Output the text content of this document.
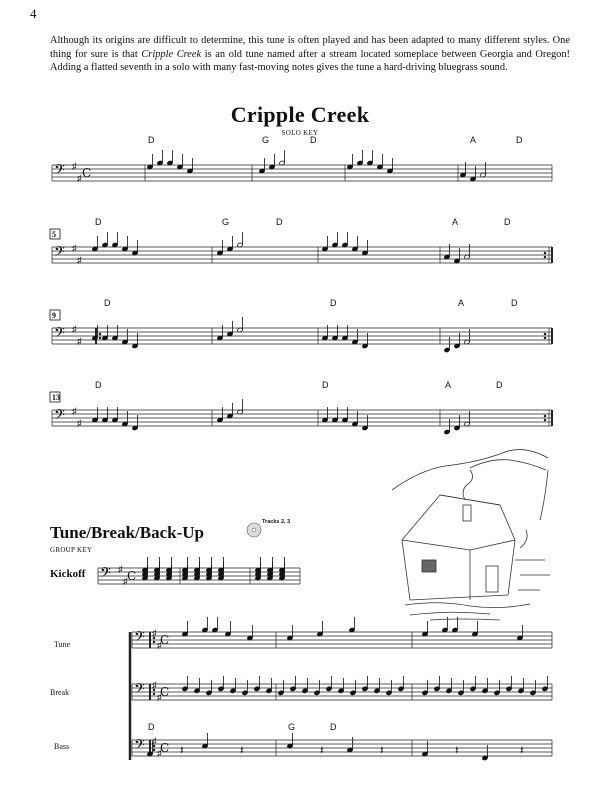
4
Although its origins are difficult to determine, this tune is often played and has been adapted to many different styles. One thing for sure is that Cripple Creek is an old tune named after a stream located someplace between Georgia and Oregon! Adding a flatted seventh in a solo with many fast-moving notes gives the tune a hard-driving bluegrass sound.
Cripple Creek
SOLO KEY
𝄢 ♯
♯ C
D	G	D	A	D
𝄢 ♯
♯
5
D	G	D	A	D
𝄢 ♯
♯
9
D	D	A	D
𝄢 ♯
♯
13
D	D	A	D
𝄢 ♯
♯ C
𝄢 ♯
♯
C
𝄢 ♯
♯
C
𝄢 ♯
♯
C
D	G	D
𝄽	𝄽	𝄽	𝄽	𝄽	𝄽
Tune/Break/Back-Up
GROUP KEY
Tracks 2, 3
Kickoff
Tune
Break
Bass
